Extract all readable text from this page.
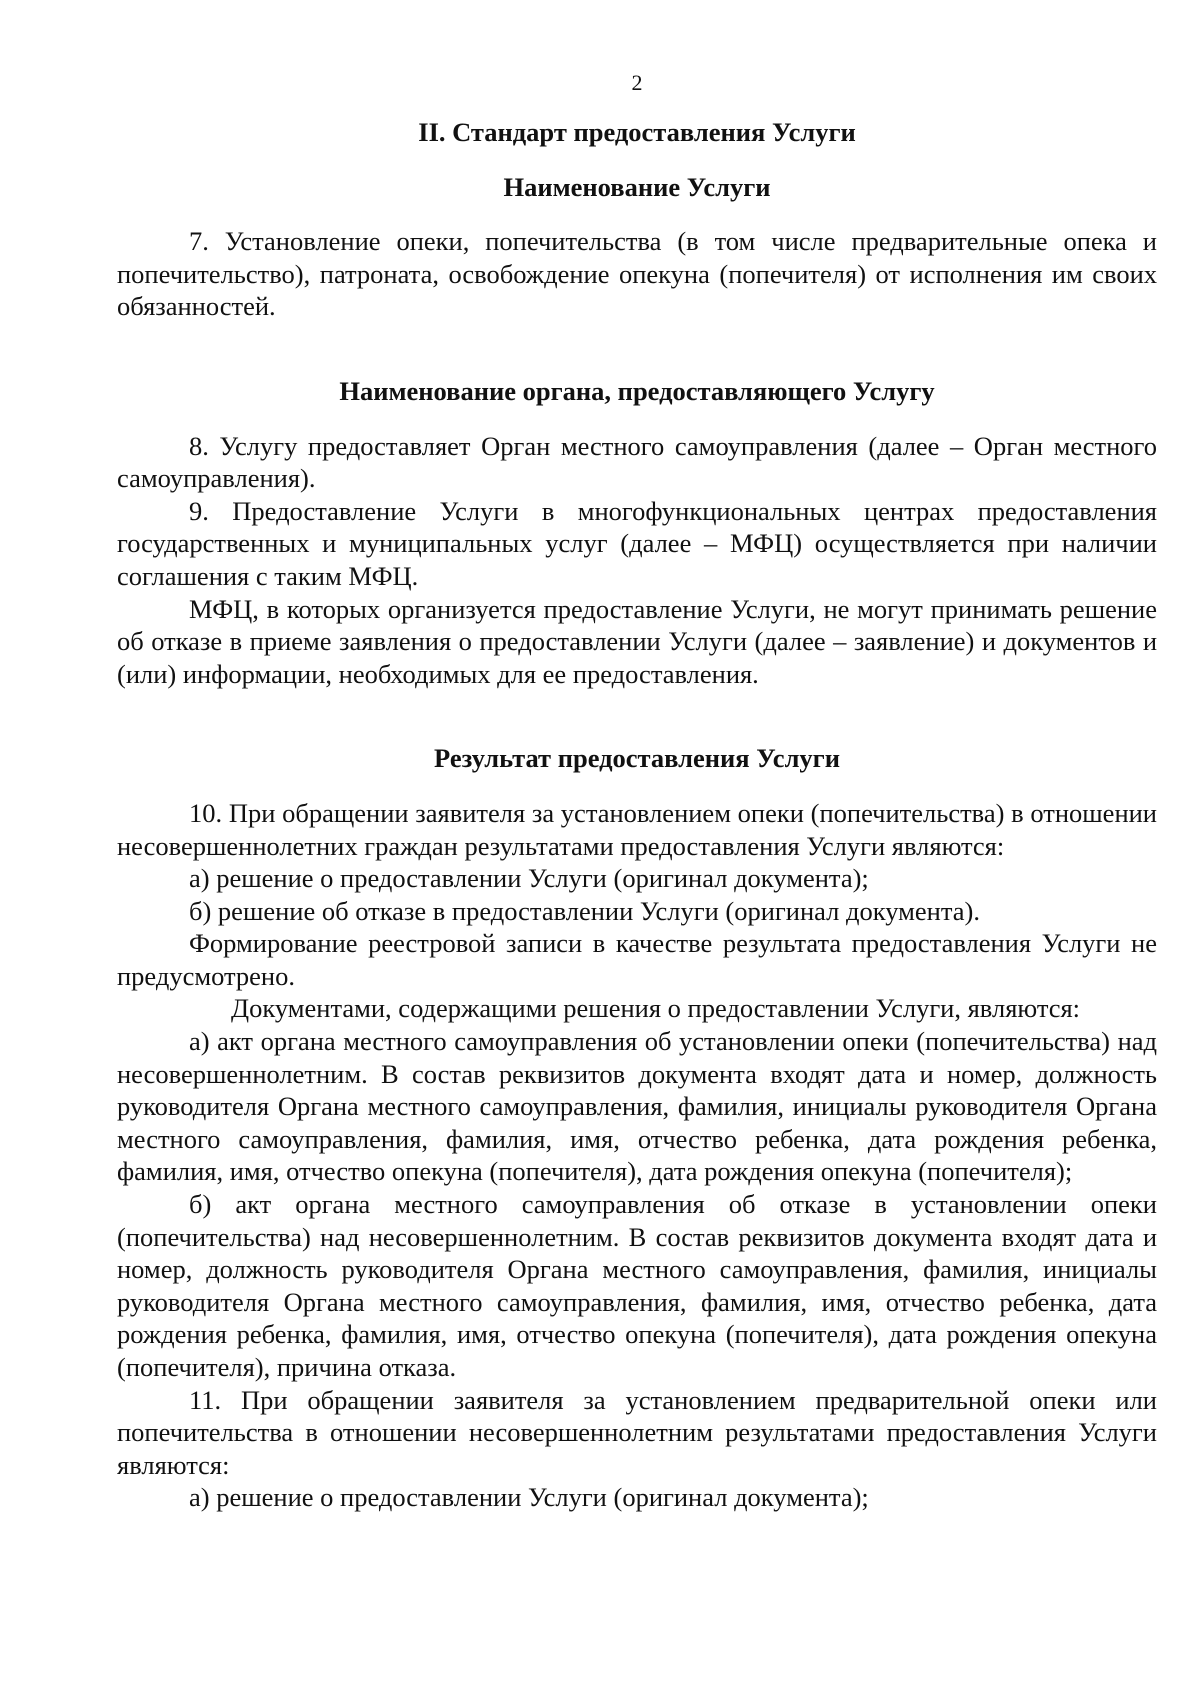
2
II. Стандарт предоставления Услуги
Наименование Услуги

7. Установление опеки, попечительства (в том числе предварительные опека и попечительство), патроната, освобождение опекуна (попечителя) от исполнения им своих обязанностей.

Наименование органа, предоставляющего Услугу

8. Услугу предоставляет Орган местного самоуправления (далее – Орган местного самоуправления).

9. Предоставление Услуги в многофункциональных центрах предоставления государственных и муниципальных услуг (далее – МФЦ) осуществляется при наличии соглашения с таким МФЦ.

МФЦ, в которых организуется предоставление Услуги, не могут принимать решение об отказе в приеме заявления о предоставлении Услуги (далее – заявление) и документов и (или) информации, необходимых для ее предоставления.

Результат предоставления Услуги

10. При обращении заявителя за установлением опеки (попечительства) в отношении несовершеннолетних граждан результатами предоставления Услуги являются:

а) решение о предоставлении Услуги (оригинал документа);

б) решение об отказе в предоставлении Услуги (оригинал документа).

Формирование реестровой записи в качестве результата предоставления Услуги не предусмотрено.

Документами, содержащими решения о предоставлении Услуги, являются:

а) акт органа местного самоуправления об установлении опеки (попечительства) над несовершеннолетним. В состав реквизитов документа входят дата и номер, должность руководителя Органа местного самоуправления, фамилия, инициалы руководителя Органа местного самоуправления, фамилия, имя, отчество ребенка, дата рождения ребенка, фамилия, имя, отчество опекуна (попечителя), дата рождения опекуна (попечителя);

б) акт органа местного самоуправления об отказе в установлении опеки (попечительства) над несовершеннолетним. В состав реквизитов документа входят дата и номер, должность руководителя Органа местного самоуправления, фамилия, инициалы руководителя Органа местного самоуправления, фамилия, имя, отчество ребенка, дата рождения ребенка, фамилия, имя, отчество опекуна (попечителя), дата рождения опекуна (попечителя), причина отказа.

11. При обращении заявителя за установлением предварительной опеки или попечительства в отношении несовершеннолетним результатами предоставления Услуги являются:

а) решение о предоставлении Услуги (оригинал документа);
